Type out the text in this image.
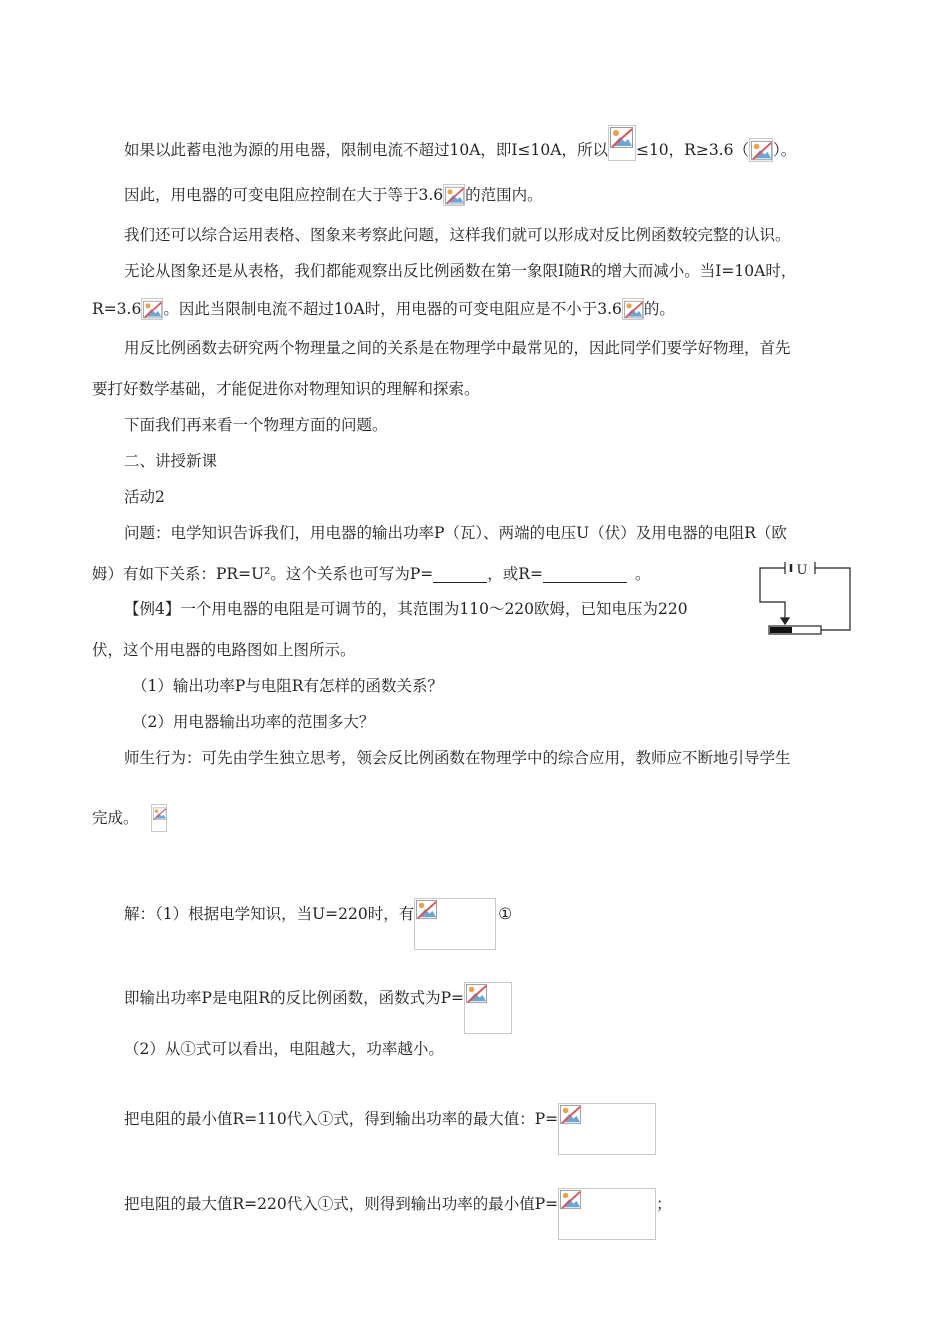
如果以此蓄电池为源的用电器，限制电流不超过10A，即I≤10A，所以 ≤10，R≥3.6（ ）。
因此，用电器的可变电阻应控制在大于等于3.6 的范围内。
我们还可以综合运用表格、图象来考察此问题，这样我们就可以形成对反比例函数较完整的认识。
无论从图象还是从表格，我们都能观察出反比例函数在第一象限I随R的增大而减小。当I=10A时，
R=3.6 。因此当限制电流不超过10A时，用电器的可变电阻应是不小于3.6 的。
用反比例函数去研究两个物理量之间的关系是在物理学中最常见的，因此同学们要学好物理，首先
要打好数学基础，才能促进你对物理知识的理解和探索。
下面我们再来看一个物理方面的问题。
二、讲授新课
活动2
问题：电学知识告诉我们，用电器的输出功率P（瓦）、两端的电压U（伏）及用电器的电阻R（欧
姆）有如下关系：PR=U²。这个关系也可写为P=	，或R=	。	U
【例4】一个用电器的电阻是可调节的，其范围为110～220欧姆，已知电压为220
伏，这个用电器的电路图如上图所示。
（1）输出功率P与电阻R有怎样的函数关系？
（2）用电器输出功率的范围多大？
师生行为：可先由学生独立思考，领会反比例函数在物理学中的综合应用，教师应不断地引导学生
完成。
解：（1）根据电学知识，当U=220时，有	①
即输出功率P是电阻R的反比例函数，函数式为P=
（2）从①式可以看出，电阻越大，功率越小。
把电阻的最小值R=110代入①式，得到输出功率的最大值：P=
把电阻的最大值R=220代入①式，则得到输出功率的最小值P=	；
